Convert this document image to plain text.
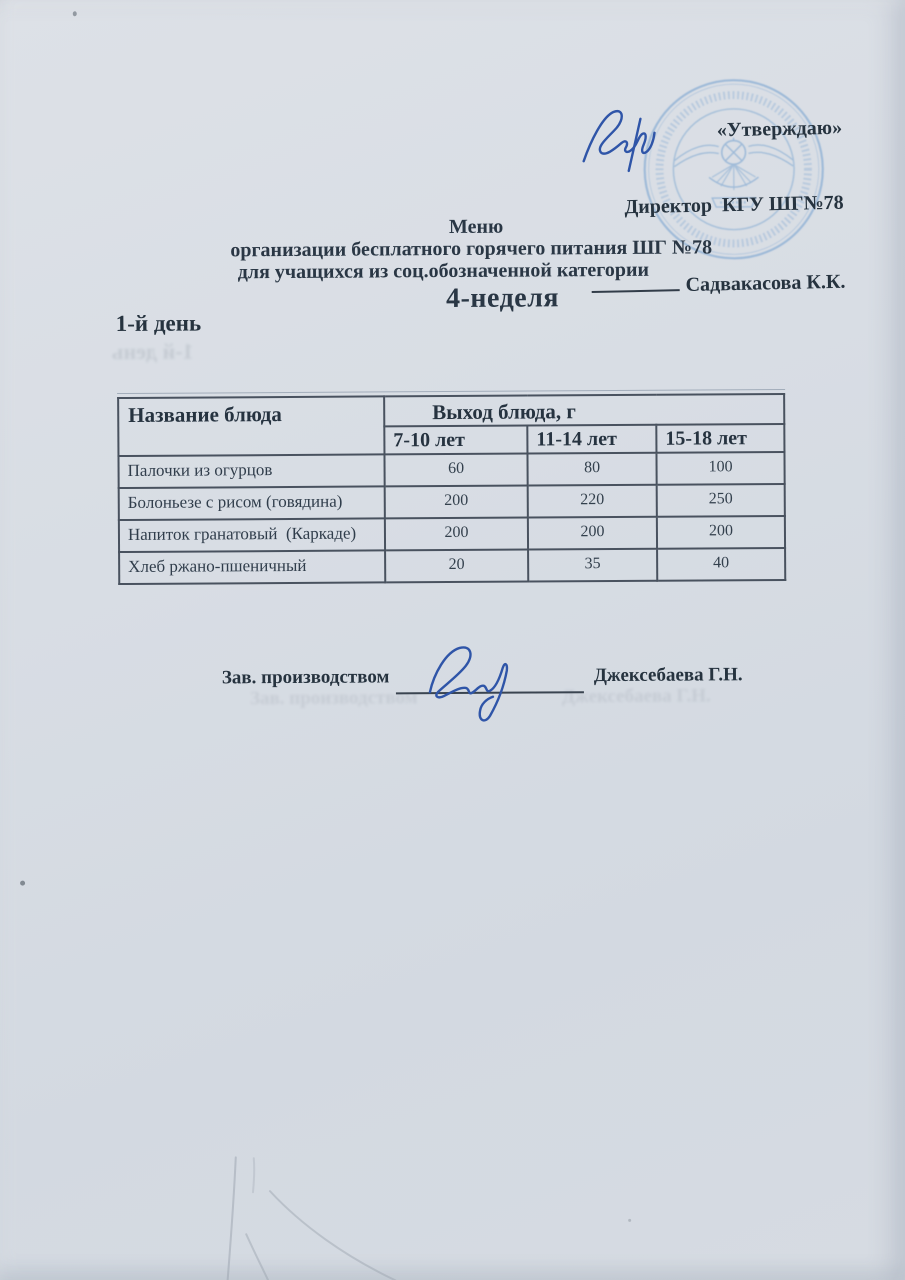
«Утверждаю»

Директор  КГУ ШГ№78

Садвакасова К.К.

Меню
организации бесплатного горячего питания ШГ №78
для учащихся из соц.обозначенной категории
4-неделя
1-й день
1-й день
Название блюда	Выход блюда, г		
	7-10 лет	11-14 лет	15-18 лет
Палочки из огурцов	60	80	100
Болоньезе с рисом (говядина)	200	220	250
Напиток гранатовый  (Каркаде)	200	200	200
Хлеб ржано-пшеничный	20	35	40
Зав. производством	Джексебаева Г.Н.
Зав. производством	Джексебаева Г.Н.
